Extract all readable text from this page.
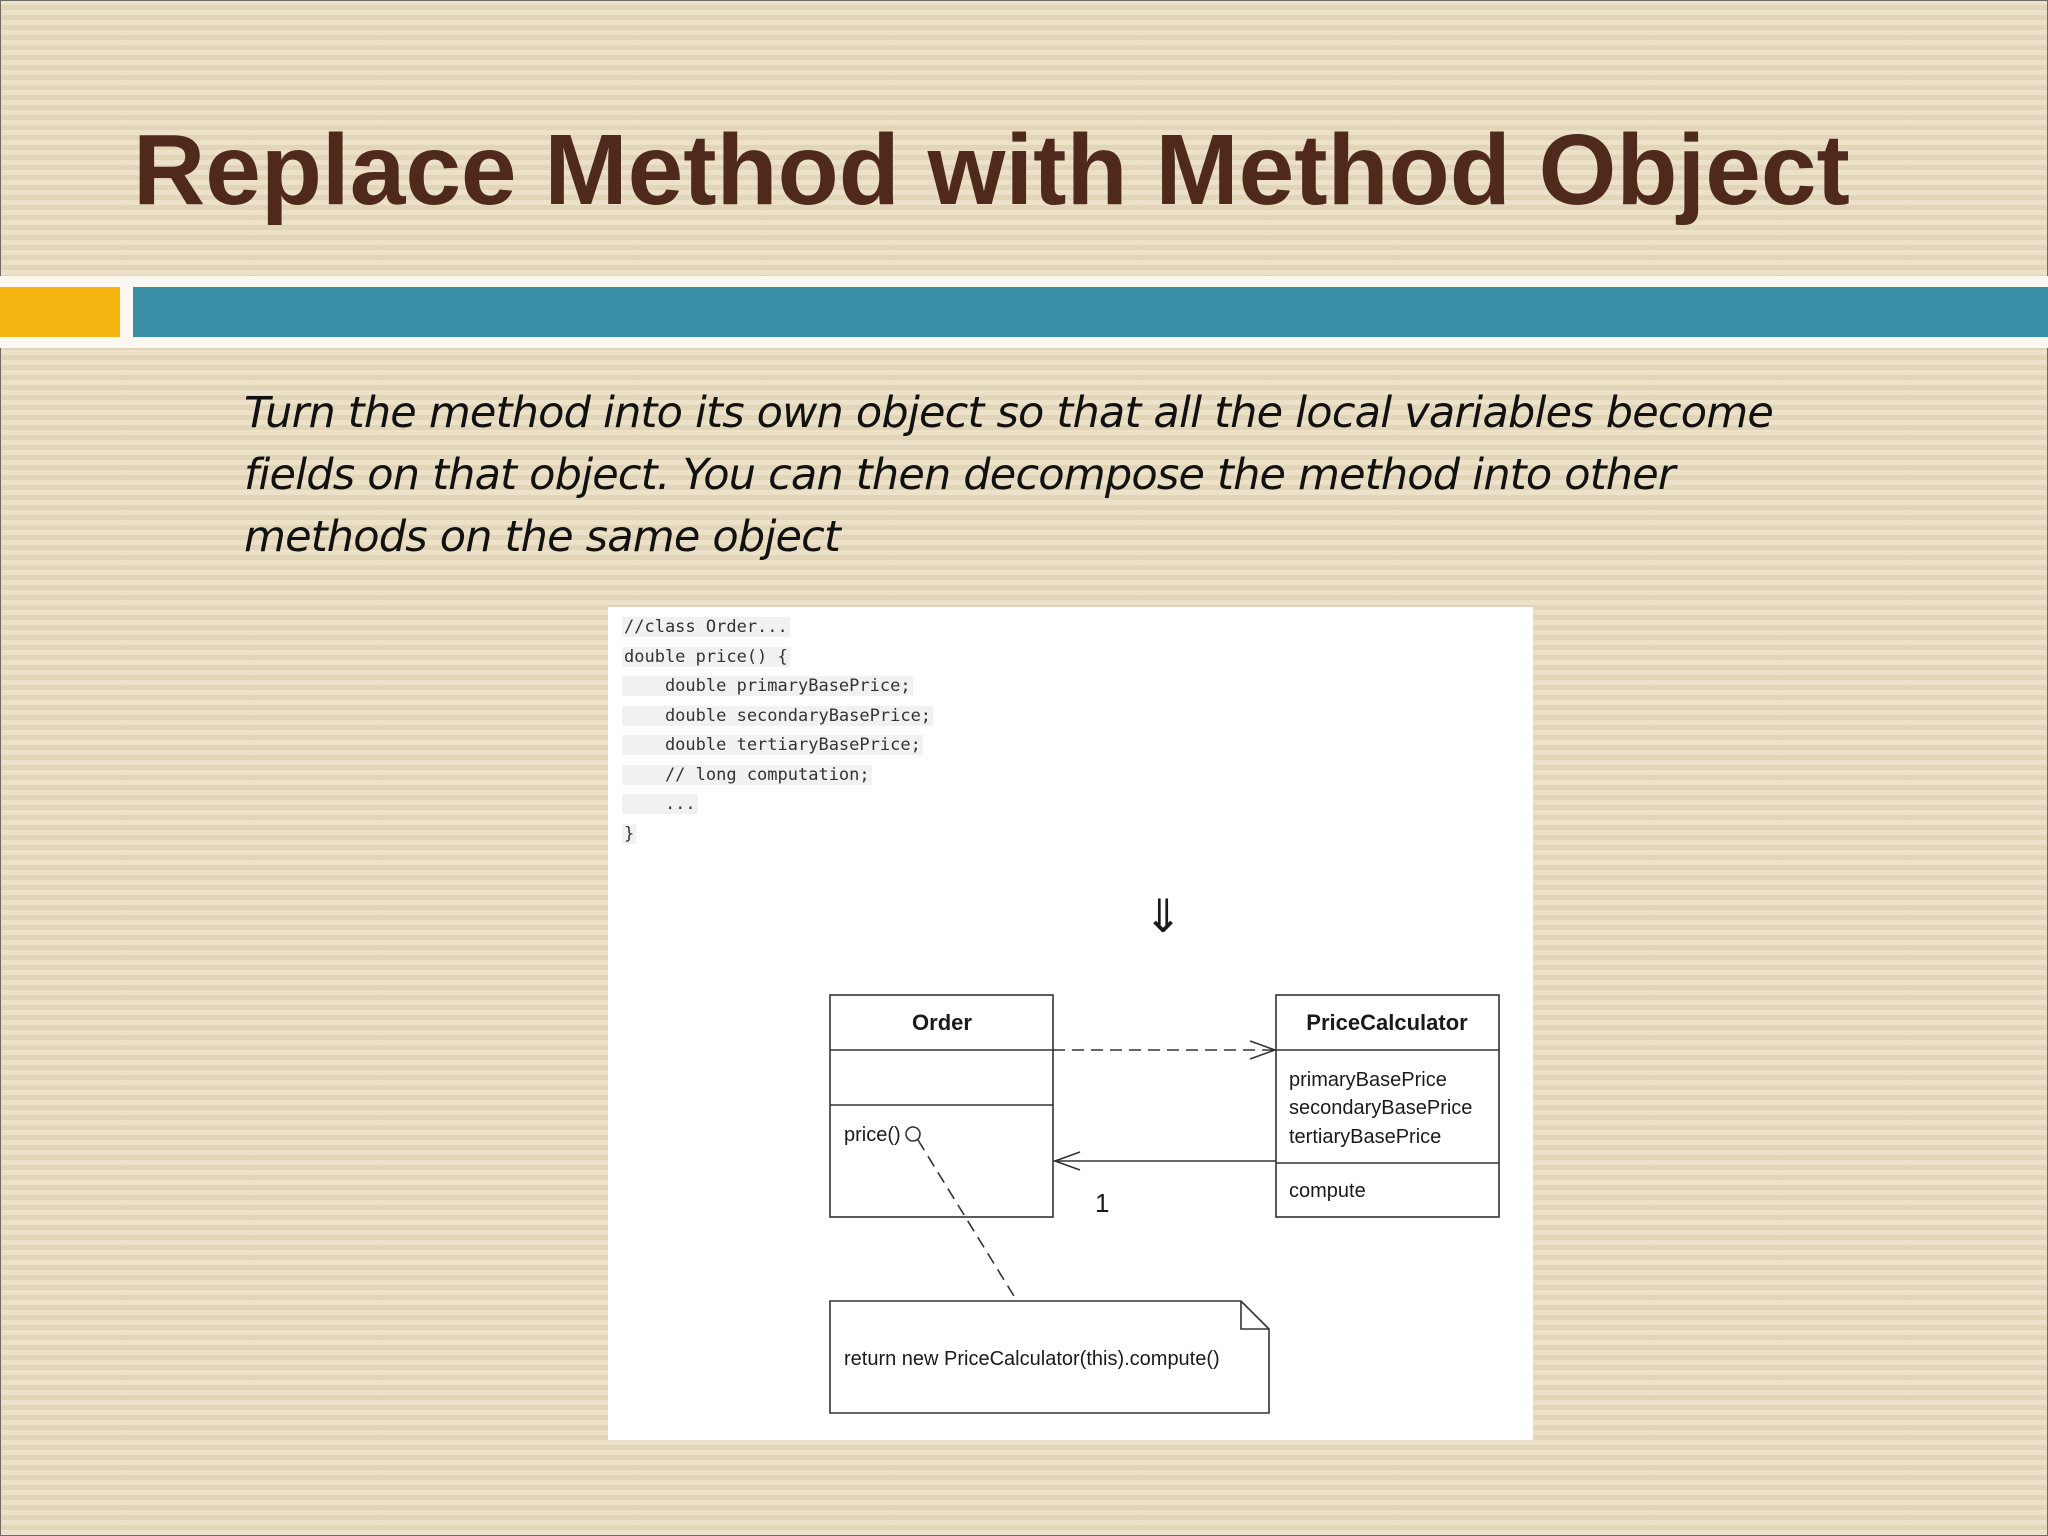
Replace Method with Method Object
Turn the method into its own object so that all the local variables become fields on that object. You can then decompose the method into other methods on the same object
//class Order...
double price() {
double primaryBasePrice;
double secondaryBasePrice;
double tertiaryBasePrice;
// long computation;
...
}
⇓
Order
price()
PriceCalculator
primaryBasePrice
secondaryBasePrice
tertiaryBasePrice
compute
1
return new PriceCalculator(this).compute()
